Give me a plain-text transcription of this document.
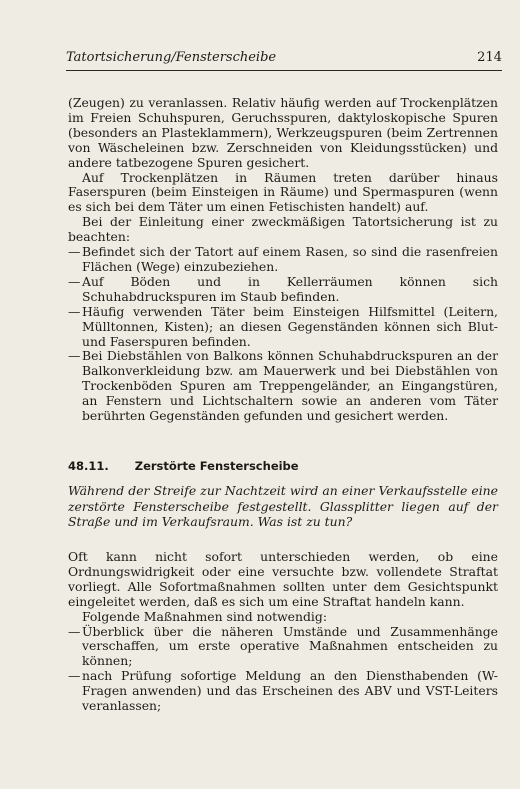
Tatortsicherung/Fensterscheibe	214

(Zeugen) zu veranlassen. Relativ häufig werden auf Trockenplätzen im Freien Schuhspuren, Geruchsspuren, daktyloskopische Spuren (besonders an Plasteklammern), Werkzeugspuren (beim Zertrennen von Wäscheleinen bzw. Zerschneiden von Kleidungsstücken) und andere tatbezogene Spuren gesichert.

Auf Trockenplätzen in Räumen treten darüber hinaus Faserspuren (beim Einsteigen in Räume) und Spermaspuren (wenn es sich bei dem Täter um einen Fetischisten handelt) auf.

Bei der Einleitung einer zweckmäßigen Tatortsicherung ist zu beachten:

— Befindet sich der Tatort auf einem Rasen, so sind die rasenfreien Flächen (Wege) einzubeziehen.
— Auf Böden und in Kellerräumen können sich Schuhabdruckspuren im Staub befinden.
— Häufig verwenden Täter beim Einsteigen Hilfsmittel (Leitern, Mülltonnen, Kisten); an diesen Gegenständen können sich Blut- und Faserspuren befinden.
— Bei Diebstählen von Balkons können Schuhabdruckspuren an der Balkonverkleidung bzw. am Mauerwerk und bei Diebstählen von Trockenböden Spuren am Treppengeländer, an Eingangstüren, an Fenstern und Lichtschaltern sowie an anderen vom Täter berührten Gegenständen gefunden und gesichert werden.
48.11. Zerstörte Fensterscheibe

Während der Streife zur Nachtzeit wird an einer Verkaufsstelle eine zerstörte Fensterscheibe festgestellt. Glassplitter liegen auf der Straße und im Verkaufsraum. Was ist zu tun?

Oft kann nicht sofort unterschieden werden, ob eine Ordnungswidrigkeit oder eine versuchte bzw. vollendete Straftat vorliegt. Alle Sofortmaßnahmen sollten unter dem Gesichtspunkt eingeleitet werden, daß es sich um eine Straftat handeln kann.

Folgende Maßnahmen sind notwendig:

— Überblick über die näheren Umstände und Zusammenhänge verschaffen, um erste operative Maßnahmen entscheiden zu können;
— nach Prüfung sofortige Meldung an den Diensthabenden (W-Fragen anwenden) und das Erscheinen des ABV und VST-Leiters veranlassen;
